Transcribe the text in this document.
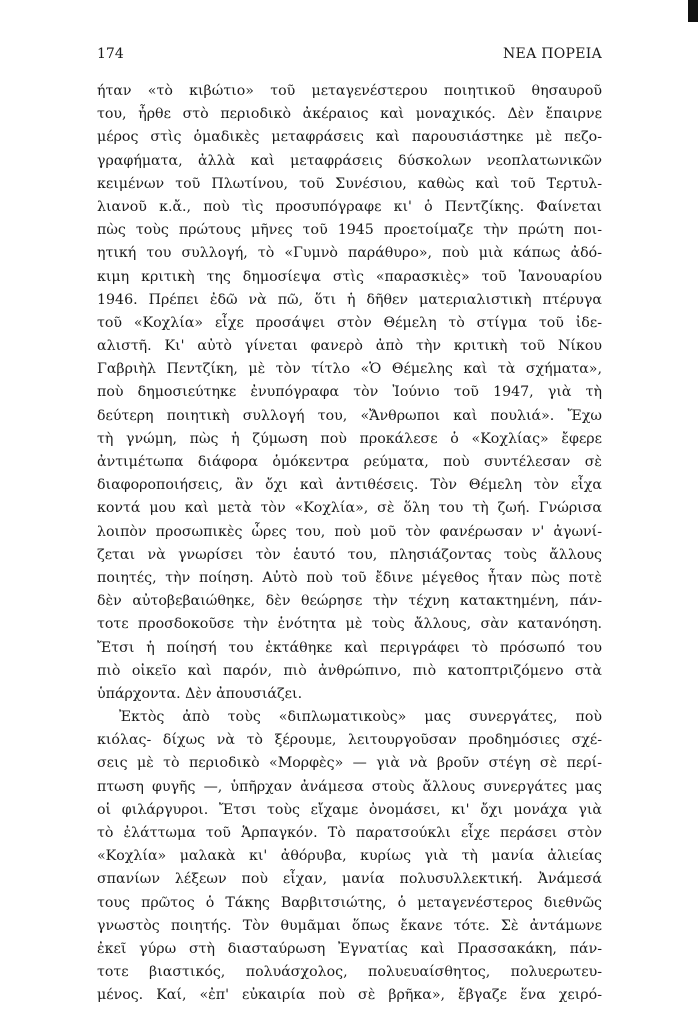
174	ΝΕΑ ΠΟΡΕΙΑ
ήταν «τὸ κιβώτιο» τοῦ μεταγενέστερου ποιητικοῦ θησαυροῦ
του, ἦρθε στὸ περιοδικὸ ἀκέραιος καὶ μοναχικός. Δὲν ἔπαιρνε
μέρος στὶς ὁμαδικὲς μεταφράσεις καὶ παρουσιάστηκε μὲ πεζο-
γραφήματα, ἀλλὰ καὶ μεταφράσεις δύσκολων νεοπλατωνικῶν
κειμένων τοῦ Πλωτίνου, τοῦ Συνέσιου, καθὼς καὶ τοῦ Τερτυλ-
λιανοῦ κ.ἄ., ποὺ τὶς προσυπόγραφε κι' ὁ Πεντζίκης. Φαίνεται
πὼς τοὺς πρώτους μῆνες τοῦ 1945 προετοίμαζε τὴν πρώτη ποι-
ητική του συλλογή, τὸ «Γυμνὸ παράθυρο», ποὺ μιὰ κάπως ἀδό-
κιμη κριτικὴ της δημοσίεψα στὶς «παρασκιὲς» τοῦ Ἰανουαρίου
1946. Πρέπει ἐδῶ νὰ πῶ, ὅτι ἡ δῆθεν ματεριαλιστικὴ πτέρυγα
τοῦ «Κοχλία» εἶχε προσάψει στὸν Θέμελη τὸ στίγμα τοῦ ἰδε-
αλιστῆ. Κι' αὐτὸ γίνεται φανερὸ ἀπὸ τὴν κριτικὴ τοῦ Νίκου
Γαβριὴλ Πεντζίκη, μὲ τὸν τίτλο «Ὁ Θέμελης καὶ τὰ σχήματα»,
ποὺ δημοσιεύτηκε ἐνυπόγραφα τὸν Ἰούνιο τοῦ 1947, γιὰ τὴ
δεύτερη ποιητικὴ συλλογή του, «Ἄνθρωποι καὶ πουλιά». Ἔχω
τὴ γνώμη, πὼς ἡ ζύμωση ποὺ προκάλεσε ὁ «Κοχλίας» ἔφερε
ἀντιμέτωπα διάφορα ὁμόκεντρα ρεύματα, ποὺ συντέλεσαν σὲ
διαφοροποιήσεις, ἂν ὄχι καὶ ἀντιθέσεις. Τὸν Θέμελη τὸν εἶχα
κοντά μου καὶ μετὰ τὸν «Κοχλία», σὲ ὅλη του τὴ ζωή. Γνώρισα
λοιπὸν προσωπικὲς ὧρες του, ποὺ μοῦ τὸν φανέρωσαν ν' ἀγωνί-
ζεται νὰ γνωρίσει τὸν ἑαυτό του, πλησιάζοντας τοὺς ἄλλους
ποιητές, τὴν ποίηση. Αὐτὸ ποὺ τοῦ ἔδινε μέγεθος ἦταν πὼς ποτὲ
δὲν αὐτοβεβαιώθηκε, δὲν θεώρησε τὴν τέχνη κατακτημένη, πάν-
τοτε προσδοκοῦσε τὴν ἑνότητα μὲ τοὺς ἄλλους, σὰν κατανόηση.
Ἔτσι ἡ ποίησή του ἐκτάθηκε καὶ περιγράφει τὸ πρόσωπό του
πιὸ οἰκεῖο καὶ παρόν, πιὸ ἀνθρώπινο, πιὸ κατοπτριζόμενο στὰ
ὑπάρχοντα. Δὲν ἀπουσιάζει.
Ἐκτὸς ἀπὸ τοὺς «διπλωματικοὺς» μας συνεργάτες, ποὺ
κιόλας- δίχως νὰ τὸ ξέρουμε, λειτουργοῦσαν προδημόσιες σχέ-
σεις μὲ τὸ περιοδικὸ «Μορφὲς» — γιὰ νὰ βροῦν στέγη σὲ περί-
πτωση φυγῆς —, ὑπῆρχαν ἀνάμεσα στοὺς ἄλλους συνεργάτες μας
οἱ φιλάργυροι. Ἔτσι τοὺς εἴχαμε ὀνομάσει, κι' ὄχι μονάχα γιὰ
τὸ ἐλάττωμα τοῦ Ἁρπαγκόν. Τὸ παρατσούκλι εἶχε περάσει στὸν
«Κοχλία» μαλακὰ κι' ἀθόρυβα, κυρίως γιὰ τὴ μανία ἀλιείας
σπανίων λέξεων ποὺ εἶχαν, μανία πολυσυλλεκτική. Ἀνάμεσά
τους πρῶτος ὁ Τάκης Βαρβιτσιώτης, ὁ μεταγενέστερος διεθνῶς
γνωστὸς ποιητής. Τὸν θυμᾶμαι ὅπως ἔκανε τότε. Σὲ ἀντάμωνε
ἐκεῖ γύρω στὴ διασταύρωση Ἐγνατίας καὶ Πρασσακάκη, πάν-
τοτε βιαστικός, πολυάσχολος, πολυευαίσθητος, πολυερωτευ-
μένος. Καί, «ἐπ' εὐκαιρία ποὺ σὲ βρῆκα», ἔβγαζε ἕνα χειρό-
